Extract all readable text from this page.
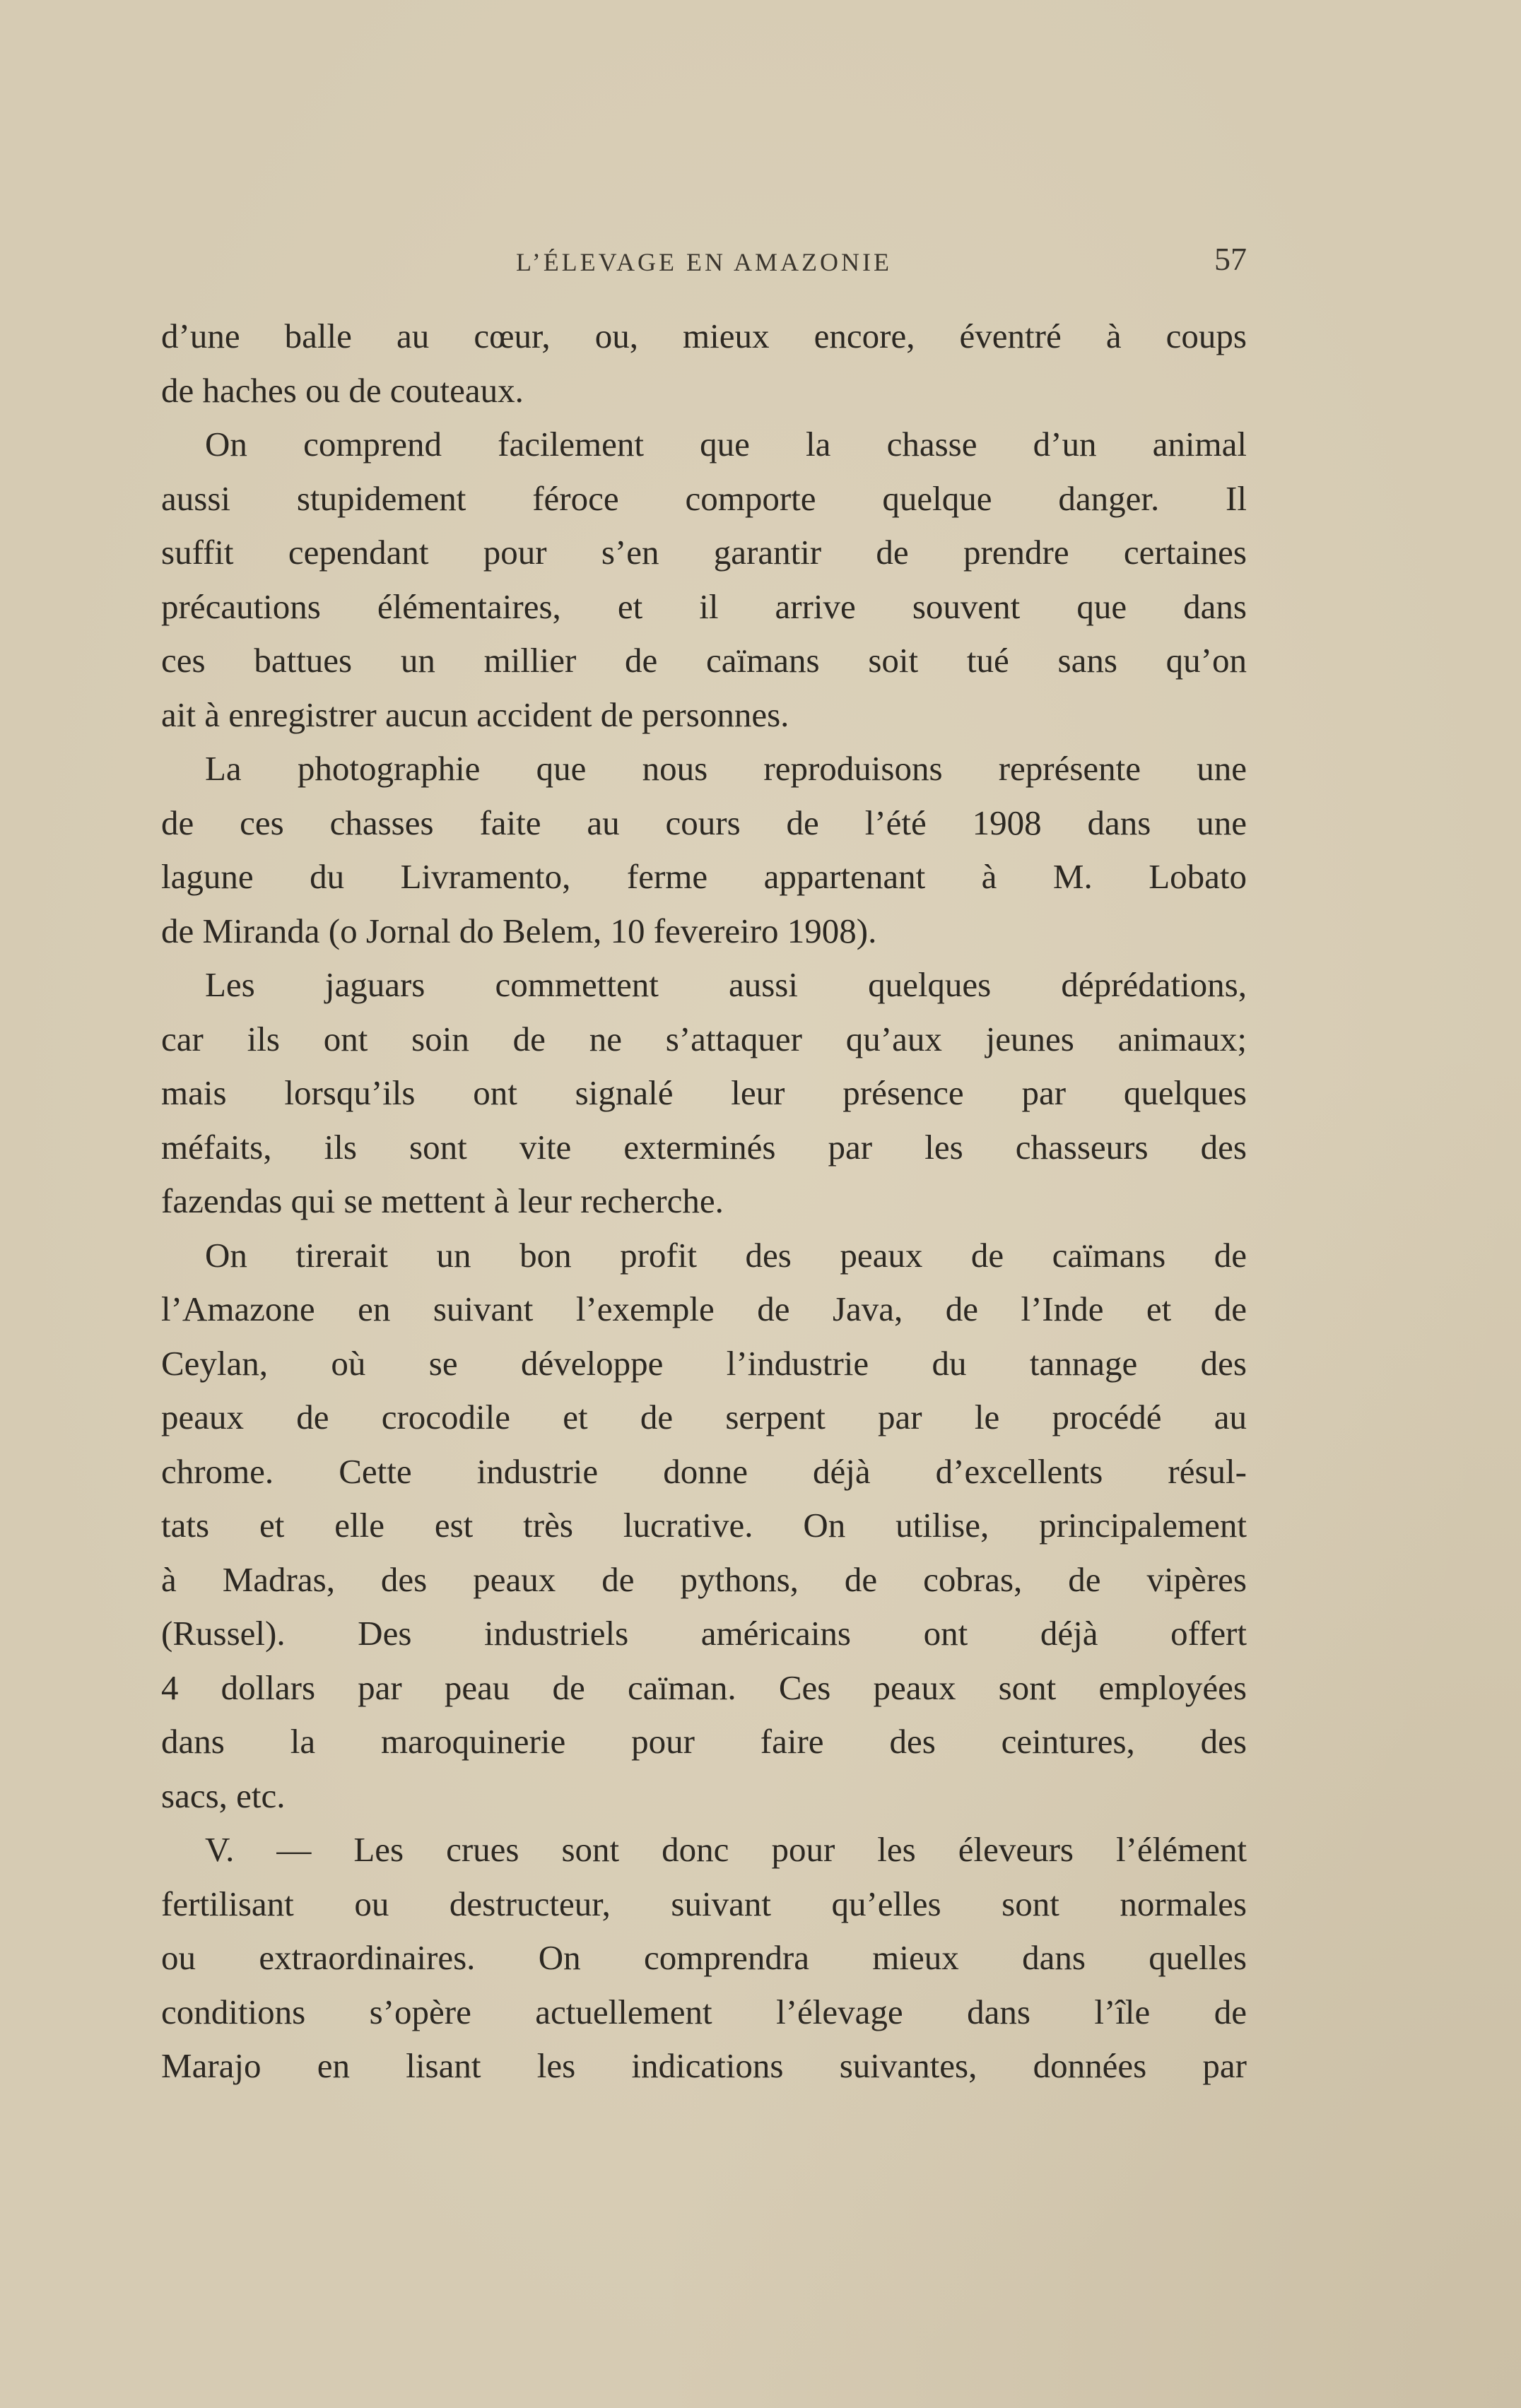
L’ÉLEVAGE EN AMAZONIE	57

d’une balle au cœur, ou, mieux encore, éventré à coups
de haches ou de couteaux.

On comprend facilement que la chasse d’un animal
aussi stupidement féroce comporte quelque danger. Il
suffit cependant pour s’en garantir de prendre certaines
précautions élémentaires, et il arrive souvent que dans
ces battues un millier de caïmans soit tué sans qu’on
ait à enregistrer aucun accident de personnes.

La photographie que nous reproduisons représente une
de ces chasses faite au cours de l’été 1908 dans une
lagune du Livramento, ferme appartenant à M. Lobato
de Miranda (o Jornal do Belem, 10 fevereiro 1908).

Les jaguars commettent aussi quelques déprédations,
car ils ont soin de ne s’attaquer qu’aux jeunes animaux;
mais lorsqu’ils ont signalé leur présence par quelques
méfaits, ils sont vite exterminés par les chasseurs des
fazendas qui se mettent à leur recherche.

On tirerait un bon profit des peaux de caïmans de
l’Amazone en suivant l’exemple de Java, de l’Inde et de
Ceylan, où se développe l’industrie du tannage des
peaux de crocodile et de serpent par le procédé au
chrome. Cette industrie donne déjà d’excellents résul-
tats et elle est très lucrative. On utilise, principalement
à Madras, des peaux de pythons, de cobras, de vipères
(Russel). Des industriels américains ont déjà offert
4 dollars par peau de caïman. Ces peaux sont employées
dans la maroquinerie pour faire des ceintures, des
sacs, etc.

V. — Les crues sont donc pour les éleveurs l’élément
fertilisant ou destructeur, suivant qu’elles sont normales
ou extraordinaires. On comprendra mieux dans quelles
conditions s’opère actuellement l’élevage dans l’île de
Marajo en lisant les indications suivantes, données par
